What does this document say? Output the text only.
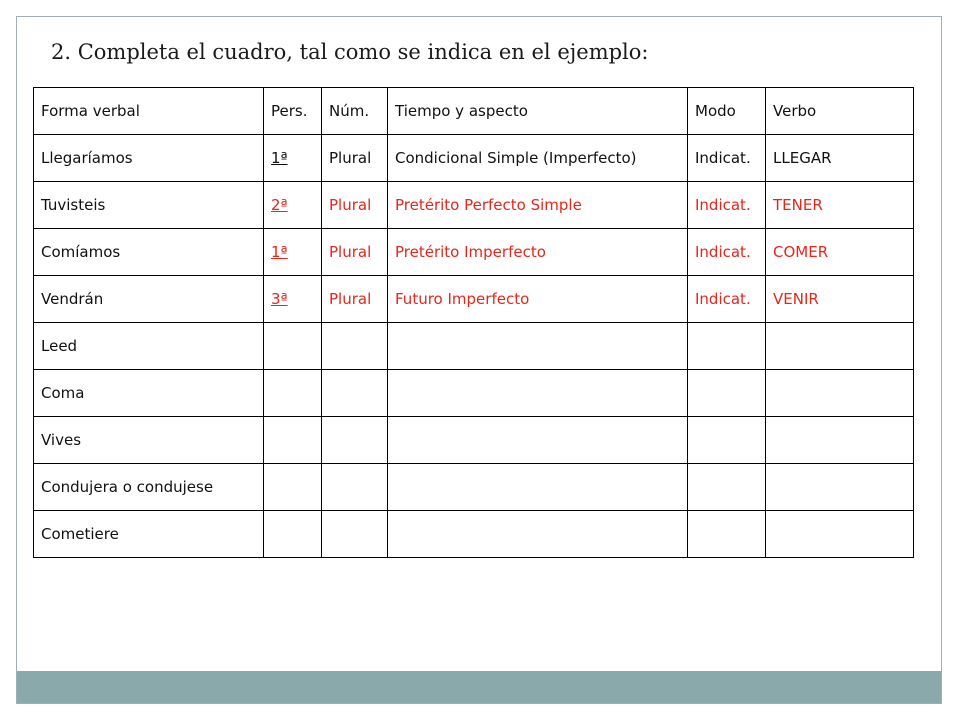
2. Completa el cuadro, tal como se indica en el ejemplo:
Forma verbal	Pers.	Núm.	Tiempo y aspecto	Modo	Verbo
Llegaríamos	1ª	Plural	Condicional Simple (Imperfecto)	Indicat.	LLEGAR
Tuvisteis	2ª	Plural	Pretérito Perfecto Simple	Indicat.	TENER
Comíamos	1ª	Plural	Pretérito Imperfecto	Indicat.	COMER
Vendrán	3ª	Plural	Futuro Imperfecto	Indicat.	VENIR
Leed					
Coma					
Vives					
Condujera o condujese					
Cometiere					
